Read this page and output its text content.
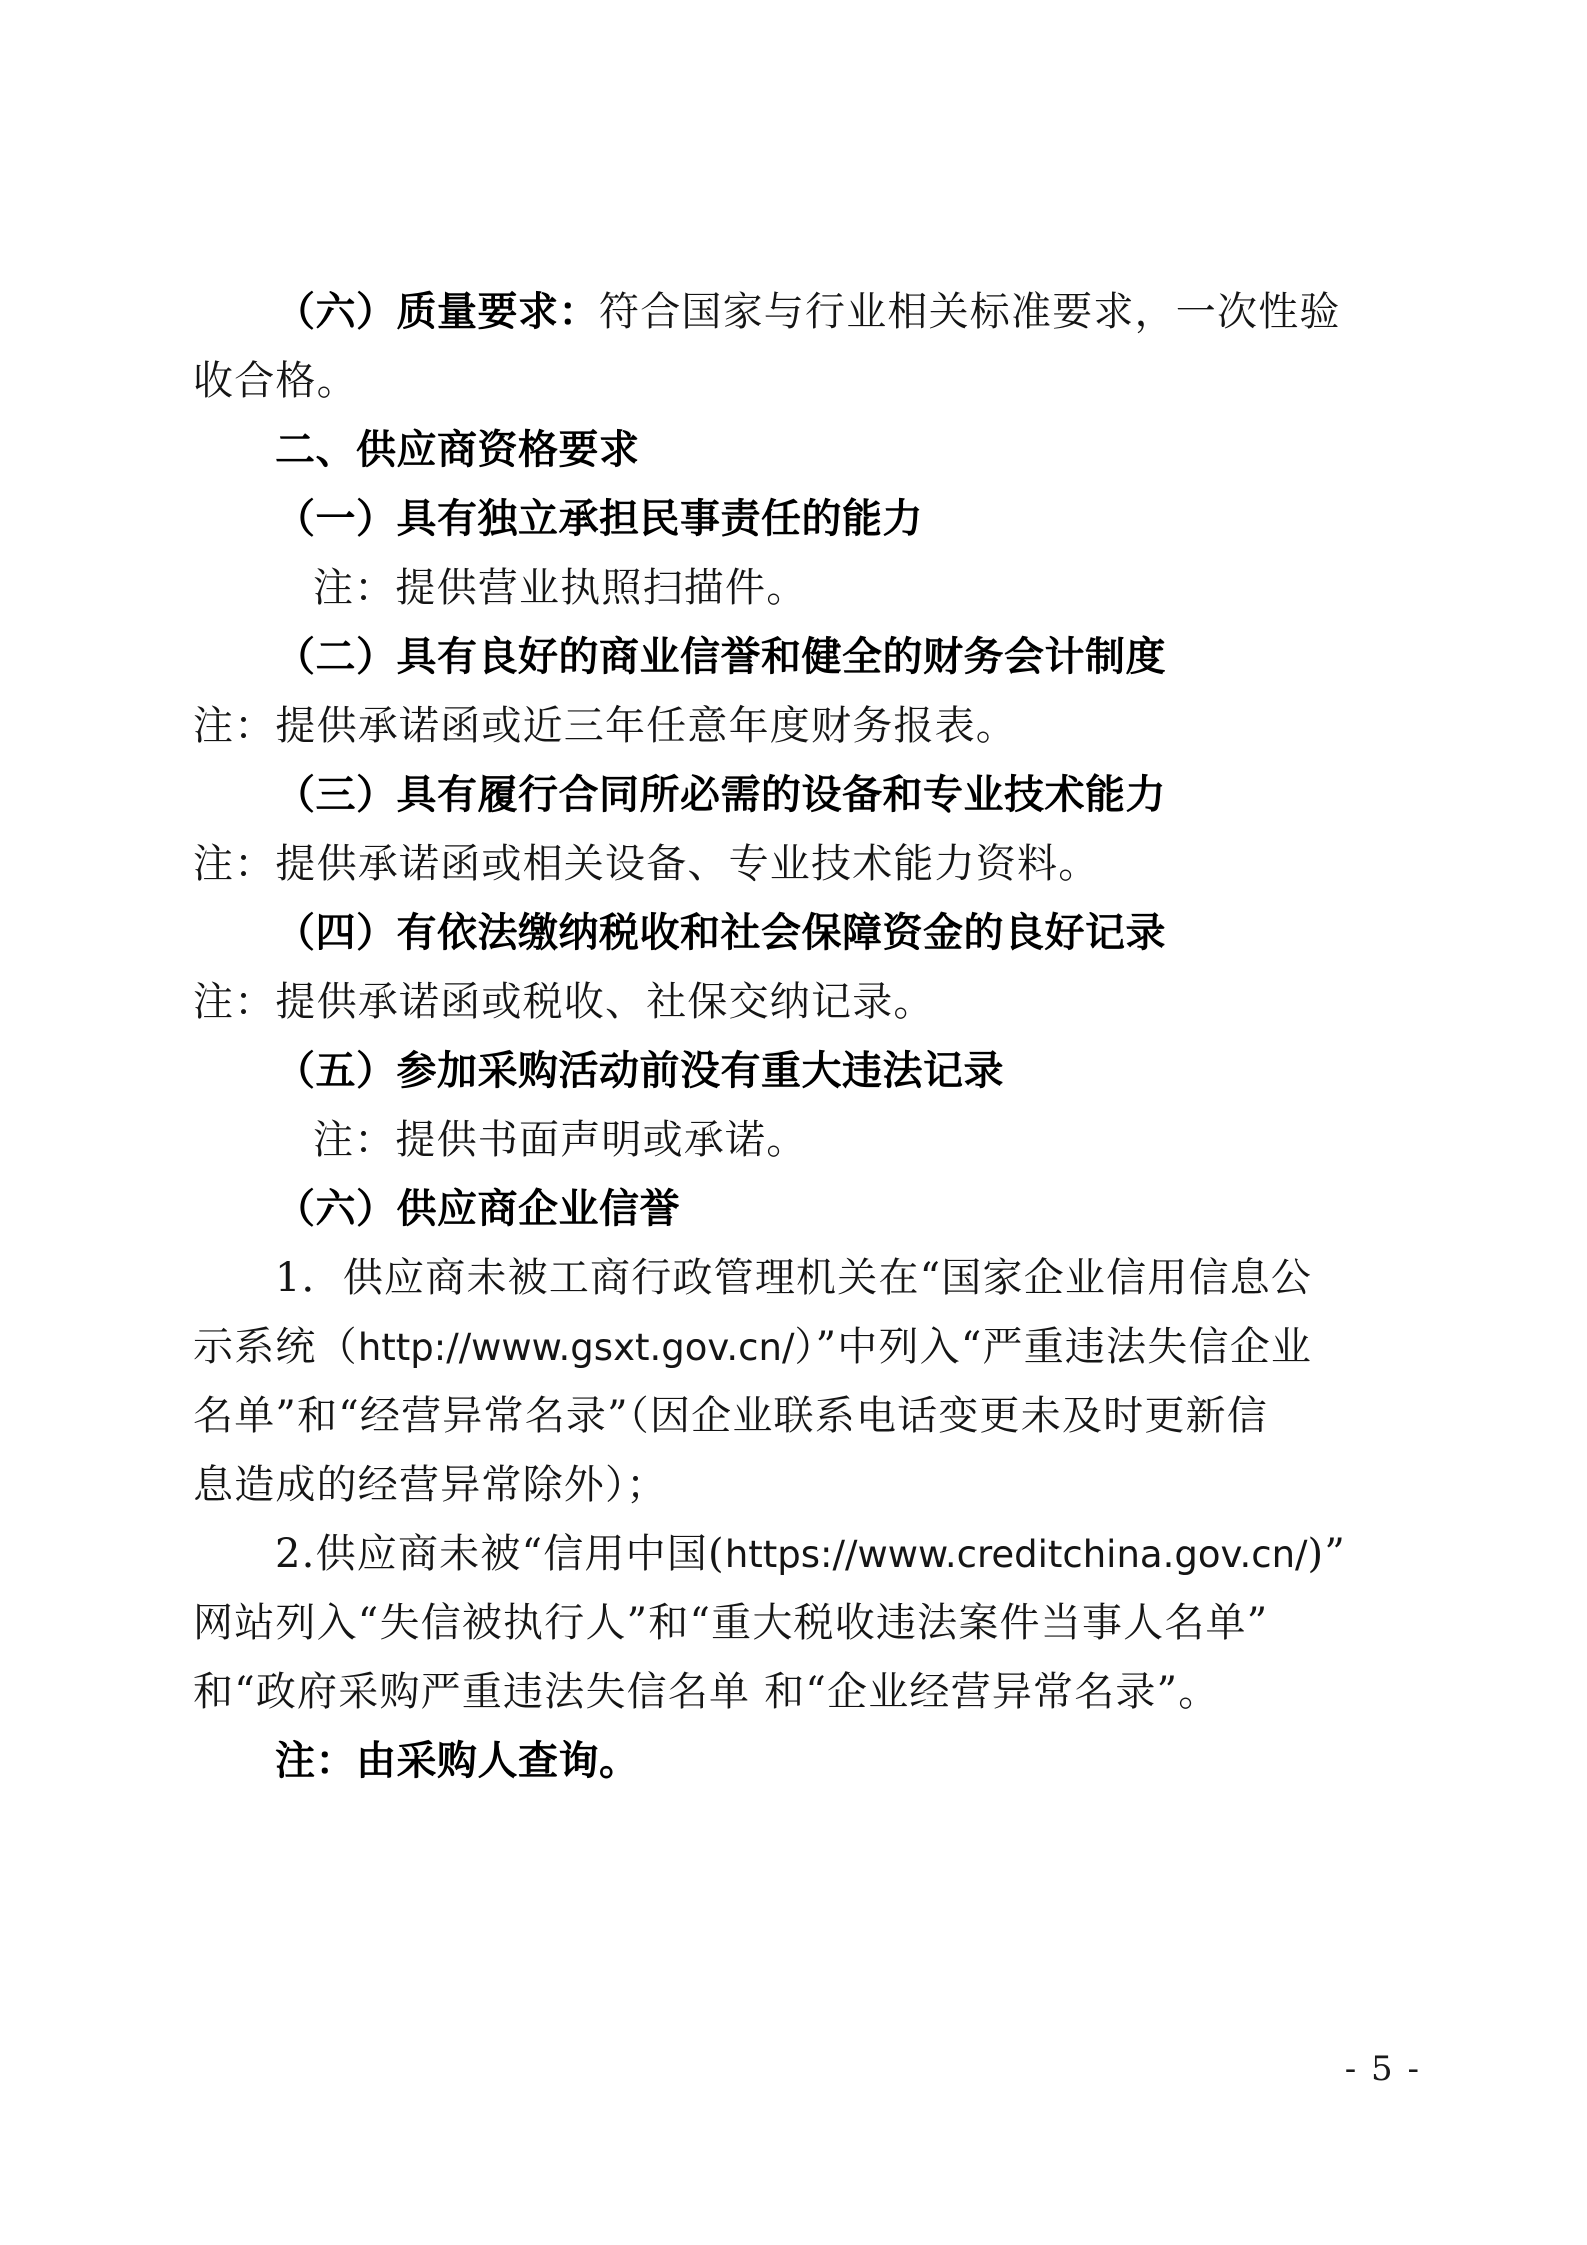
（六）质量要求：符合国家与行业相关标准要求，一次性验
收合格。
二、供应商资格要求
（一）具有独立承担民事责任的能力
注：提供营业执照扫描件。
（二）具有良好的商业信誉和健全的财务会计制度
注：提供承诺函或近三年任意年度财务报表。
（三）具有履行合同所必需的设备和专业技术能力
注：提供承诺函或相关设备、专业技术能力资料。
（四）有依法缴纳税收和社会保障资金的良好记录
注：提供承诺函或税收、社保交纳记录。
（五）参加采购活动前没有重大违法记录
注：提供书面声明或承诺。
（六）供应商企业信誉
1．供应商未被工商行政管理机关在“国家企业信用信息公
示系统（http://www.gsxt.gov.cn/）”中列入“严重违法失信企业
名单”和“经营异常名录”（因企业联系电话变更未及时更新信
息造成的经营异常除外）；
2.供应商未被“信用中国(https://www.creditchina.gov.cn/)”
网站列入“失信被执行人”和“重大税收违法案件当事人名单”
和“政府采购严重违法失信名单 和“企业经营异常名录”。
注：由采购人查询。
- 5 -
